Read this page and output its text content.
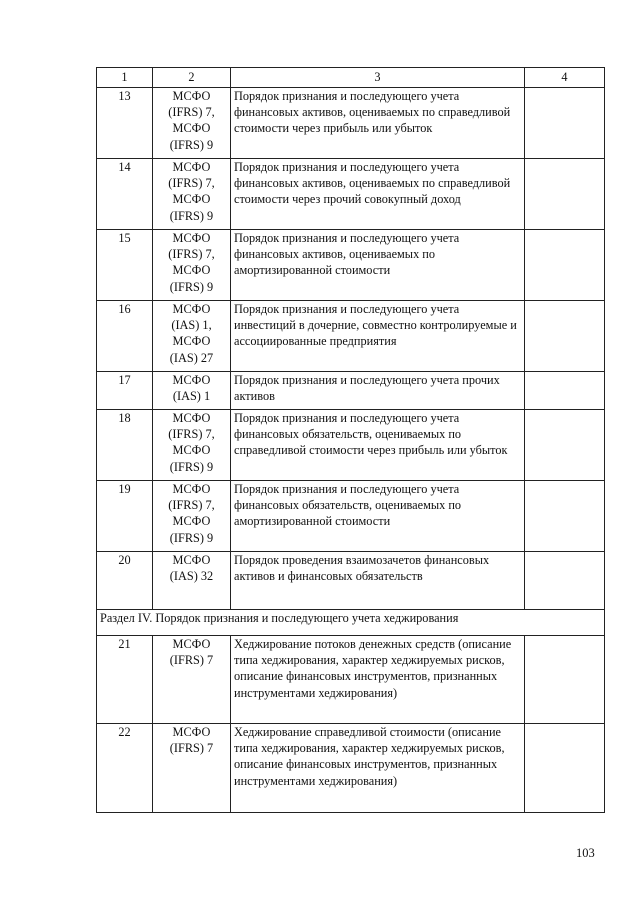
1	2	3	4
13	МСФО
(IFRS) 7,
МСФО
(IFRS) 9	Порядок признания и последующего учета финансовых активов, оцениваемых по справедливой стоимости через прибыль или убыток	
14	МСФО
(IFRS) 7,
МСФО
(IFRS) 9	Порядок признания и последующего учета финансовых активов, оцениваемых по справедливой стоимости через прочий совокупный доход	
15	МСФО
(IFRS) 7,
МСФО
(IFRS) 9	Порядок признания и последующего учета финансовых активов, оцениваемых по амортизированной стоимости	
16	МСФО
(IAS) 1,
МСФО
(IAS) 27	Порядок признания и последующего учета инвестиций в дочерние, совместно контролируемые и ассоциированные предприятия	
17	МСФО
(IAS) 1	Порядок признания и последующего учета прочих активов	
18	МСФО
(IFRS) 7,
МСФО
(IFRS) 9	Порядок признания и последующего учета финансовых обязательств, оцениваемых по справедливой стоимости через прибыль или убыток	
19	МСФО
(IFRS) 7,
МСФО
(IFRS) 9	Порядок признания и последующего учета финансовых обязательств, оцениваемых по амортизированной стоимости	
20	МСФО
(IAS) 32	Порядок проведения взаимозачетов финансовых активов и финансовых обязательств	
Раздел IV. Порядок признания и последующего учета хеджирования			
21	МСФО
(IFRS) 7	Хеджирование потоков денежных средств (описание типа хеджирования, характер хеджируемых рисков, описание финансовых инструментов, признанных инструментами хеджирования)	
22	МСФО
(IFRS) 7	Хеджирование справедливой стоимости (описание типа хеджирования, характер хеджируемых рисков, описание финансовых инструментов, признанных инструментами хеджирования)	
103
